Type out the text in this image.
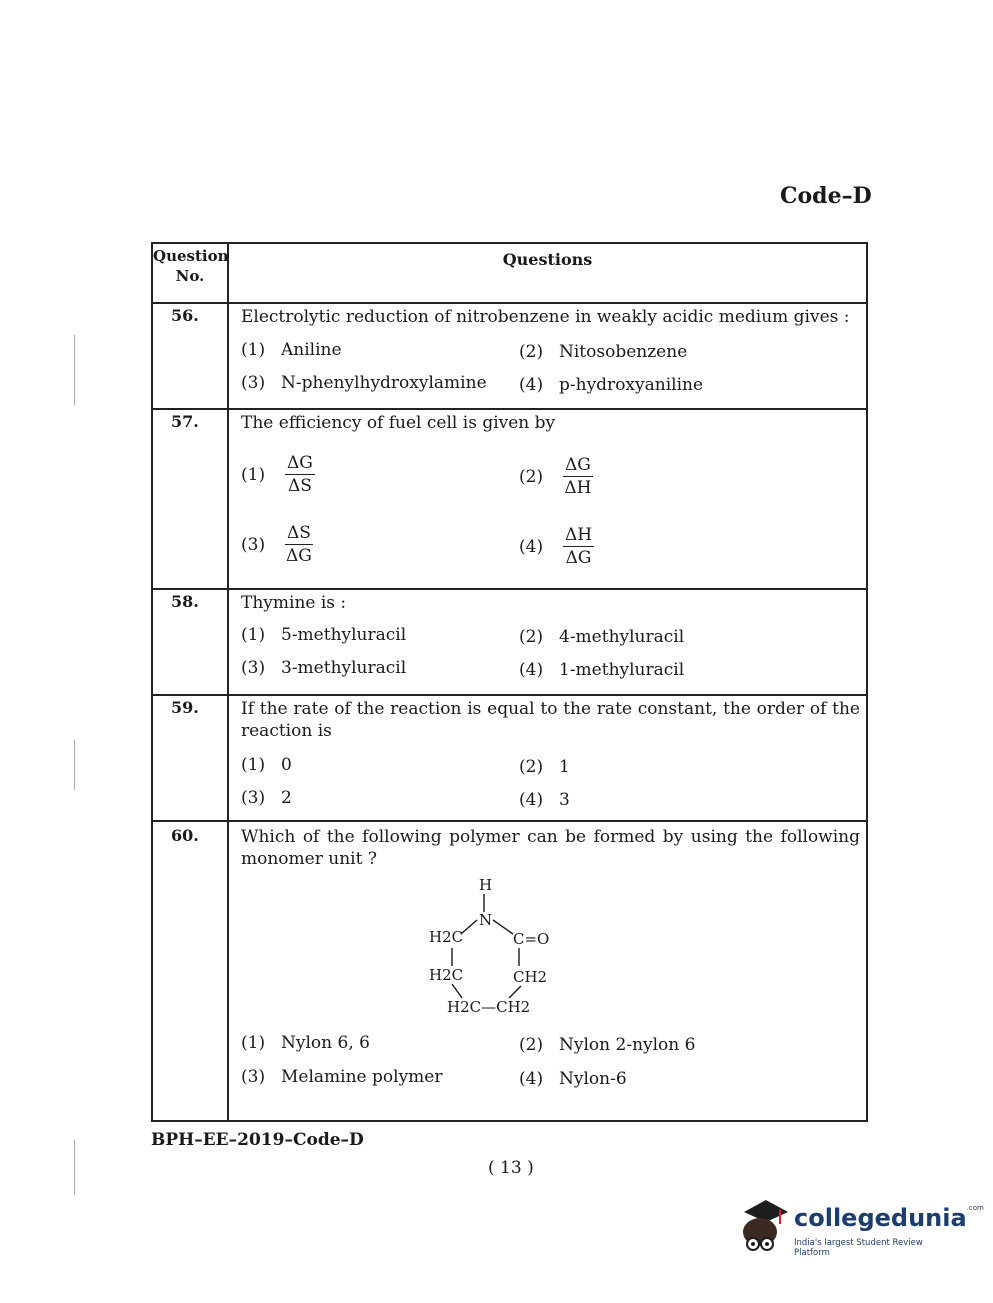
Code–D
Question
No.
Questions
56. Electrolytic reduction of nitrobenzene in weakly acidic medium gives :
(1) Aniline	(2) Nitosobenzene
(3) N-phenylhydroxylamine (4) p-hydroxyaniline
57. The efficiency of fuel cell is given by
$(1) \frac{\Delta G}{\Delta S}$	$(2) \frac{\Delta G}{\Delta H}$
$(3) \frac{\Delta S}{\Delta G}$	$(4) \frac{\Delta H}{\Delta G}$
58. Thymine is :
(1) 5-methyluracil	(2) 4-methyluracil
(3) 3-methyluracil	(4) 1-methyluracil
59. If the rate of the reaction is equal to the rate constant, the order of the reaction is
(1) 0	(2) 1
(3) 2	(4) 3
60. Which of the following polymer can be formed by using the following monomer unit ?
H
N
H2C	C=O
H2C	CH2
H2C—CH2
(1) Nylon 6, 6	(2) Nylon 2-nylon 6
(3) Melamine polymer	(4) Nylon-6
BPH–EE–2019–Code–D
( 13 )
collegedunia$^{.com}$
India's largest Student Review Platform
